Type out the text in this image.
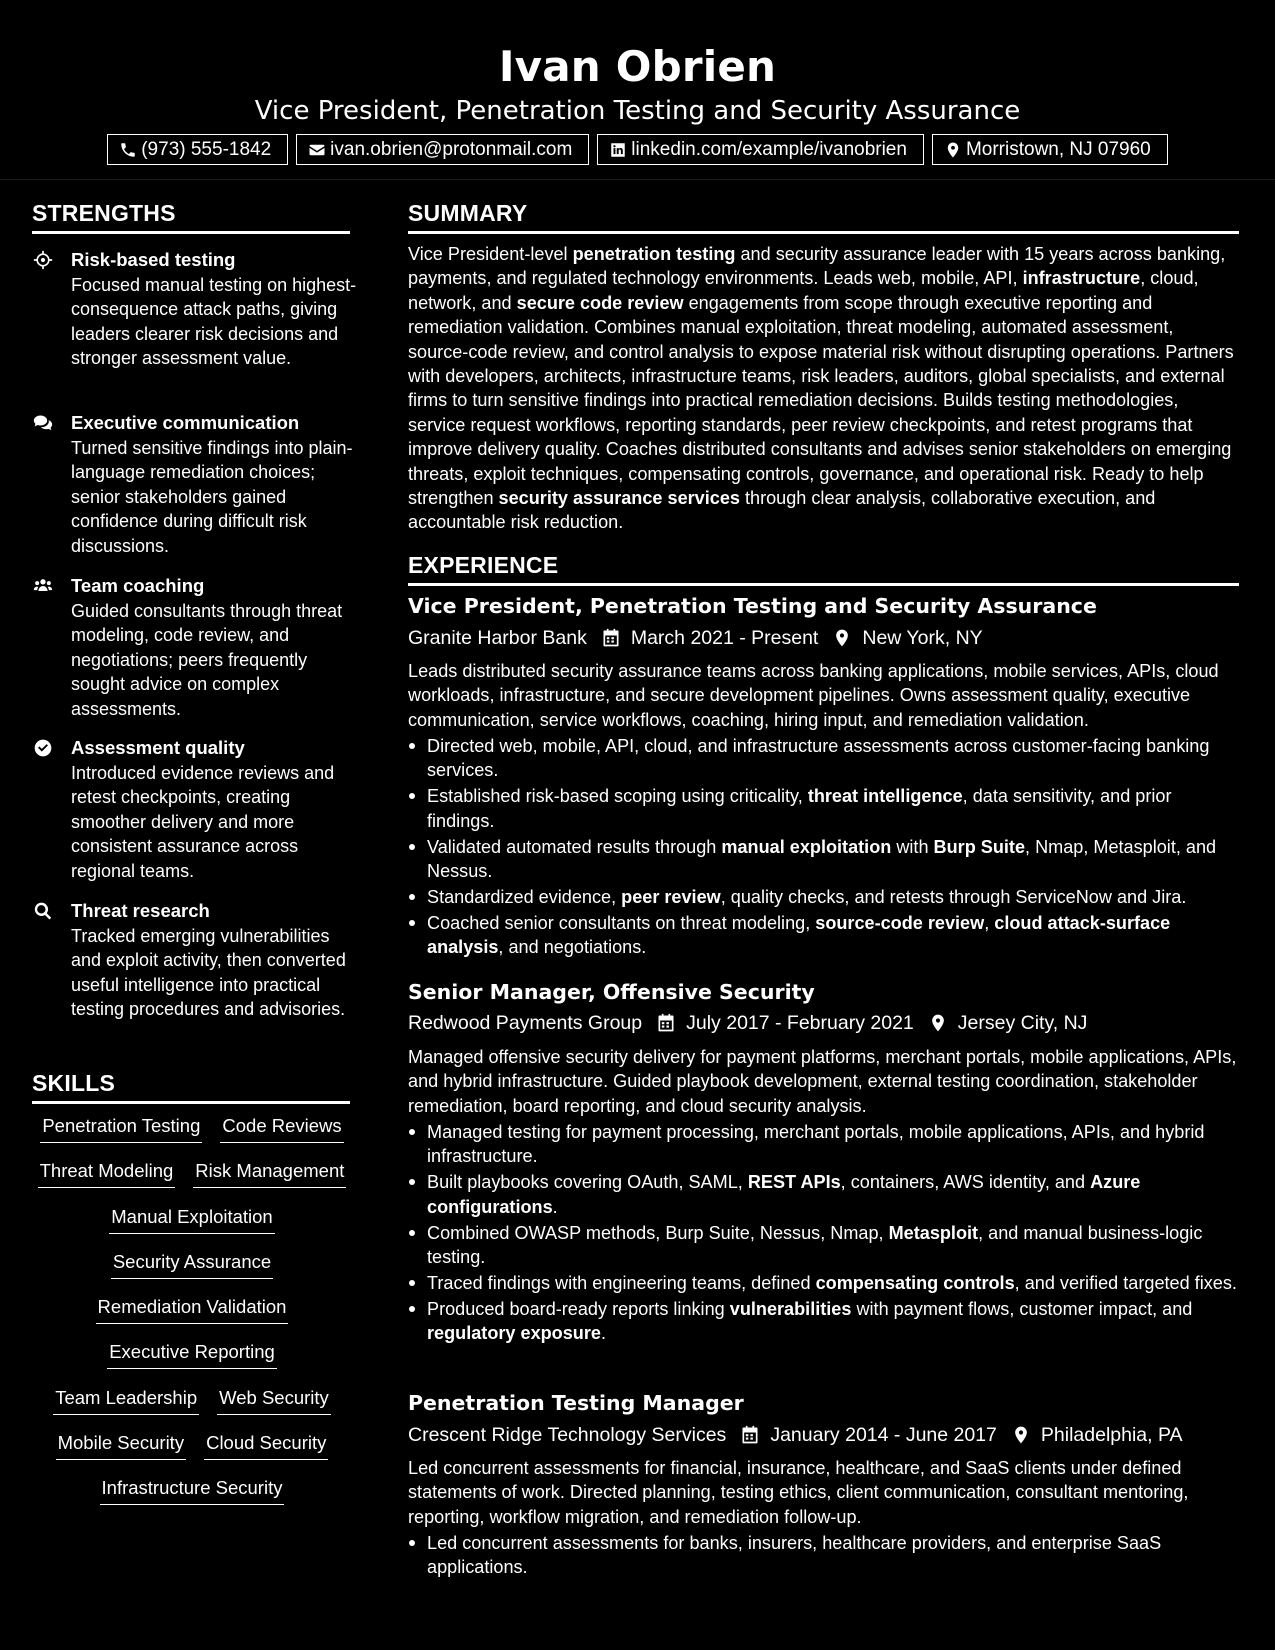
Ivan Obrien
Vice President, Penetration Testing and Security Assurance
(973) 555-1842	ivan.obrien@protonmail.com	linkedin.com/example/ivanobrien	Morristown, NJ 07960
STRENGTHS
Risk-based testing
Focused manual testing on highest-consequence attack paths, giving leaders clearer risk decisions and stronger assessment value.
Executive communication
Turned sensitive findings into plain-language remediation choices; senior stakeholders gained confidence during difficult risk discussions.
Team coaching
Guided consultants through threat modeling, code review, and negotiations; peers frequently sought advice on complex assessments.
Assessment quality
Introduced evidence reviews and retest checkpoints, creating smoother delivery and more consistent assurance across regional teams.
Threat research
Tracked emerging vulnerabilities and exploit activity, then converted useful intelligence into practical testing procedures and advisories.
SKILLS
Penetration Testing Code Reviews
Threat Modeling Risk Management
Manual Exploitation
Security Assurance
Remediation Validation
Executive Reporting
Team Leadership Web Security
Mobile Security Cloud Security
Infrastructure Security
SUMMARY
Vice President-level penetration testing and security assurance leader with 15 years across banking, payments, and regulated technology environments. Leads web, mobile, API, infrastructure, cloud, network, and secure code review engagements from scope through executive reporting and remediation validation. Combines manual exploitation, threat modeling, automated assessment, source-code review, and control analysis to expose material risk without disrupting operations. Partners with developers, architects, infrastructure teams, risk leaders, auditors, global specialists, and external firms to turn sensitive findings into practical remediation decisions. Builds testing methodologies, service request workflows, reporting standards, peer review checkpoints, and retest programs that improve delivery quality. Coaches distributed consultants and advises senior stakeholders on emerging threats, exploit techniques, compensating controls, governance, and operational risk. Ready to help strengthen security assurance services through clear analysis, collaborative execution, and accountable risk reduction.
EXPERIENCE
Vice President, Penetration Testing and Security Assurance
Granite Harbor Bank March 2021 - Present New York, NY
Leads distributed security assurance teams across banking applications, mobile services, APIs, cloud workloads, infrastructure, and secure development pipelines. Owns assessment quality, executive communication, service workflows, coaching, hiring input, and remediation validation.
Directed web, mobile, API, cloud, and infrastructure assessments across customer-facing banking services.
Established risk-based scoping using criticality, threat intelligence, data sensitivity, and prior findings.
Validated automated results through manual exploitation with Burp Suite, Nmap, Metasploit, and Nessus.
Standardized evidence, peer review, quality checks, and retests through ServiceNow and Jira.
Coached senior consultants on threat modeling, source-code review, cloud attack-surface analysis, and negotiations.
Senior Manager, Offensive Security
Redwood Payments Group July 2017 - February 2021 Jersey City, NJ
Managed offensive security delivery for payment platforms, merchant portals, mobile applications, APIs, and hybrid infrastructure. Guided playbook development, external testing coordination, stakeholder remediation, board reporting, and cloud security analysis.
Managed testing for payment processing, merchant portals, mobile applications, APIs, and hybrid infrastructure.
Built playbooks covering OAuth, SAML, REST APIs, containers, AWS identity, and Azure configurations.
Combined OWASP methods, Burp Suite, Nessus, Nmap, Metasploit, and manual business-logic testing.
Traced findings with engineering teams, defined compensating controls, and verified targeted fixes.
Produced board-ready reports linking vulnerabilities with payment flows, customer impact, and regulatory exposure.
Penetration Testing Manager
Crescent Ridge Technology Services January 2014 - June 2017 Philadelphia, PA
Led concurrent assessments for financial, insurance, healthcare, and SaaS clients under defined statements of work. Directed planning, testing ethics, client communication, consultant mentoring, reporting, workflow migration, and remediation follow-up.
Led concurrent assessments for banks, insurers, healthcare providers, and enterprise SaaS applications.
